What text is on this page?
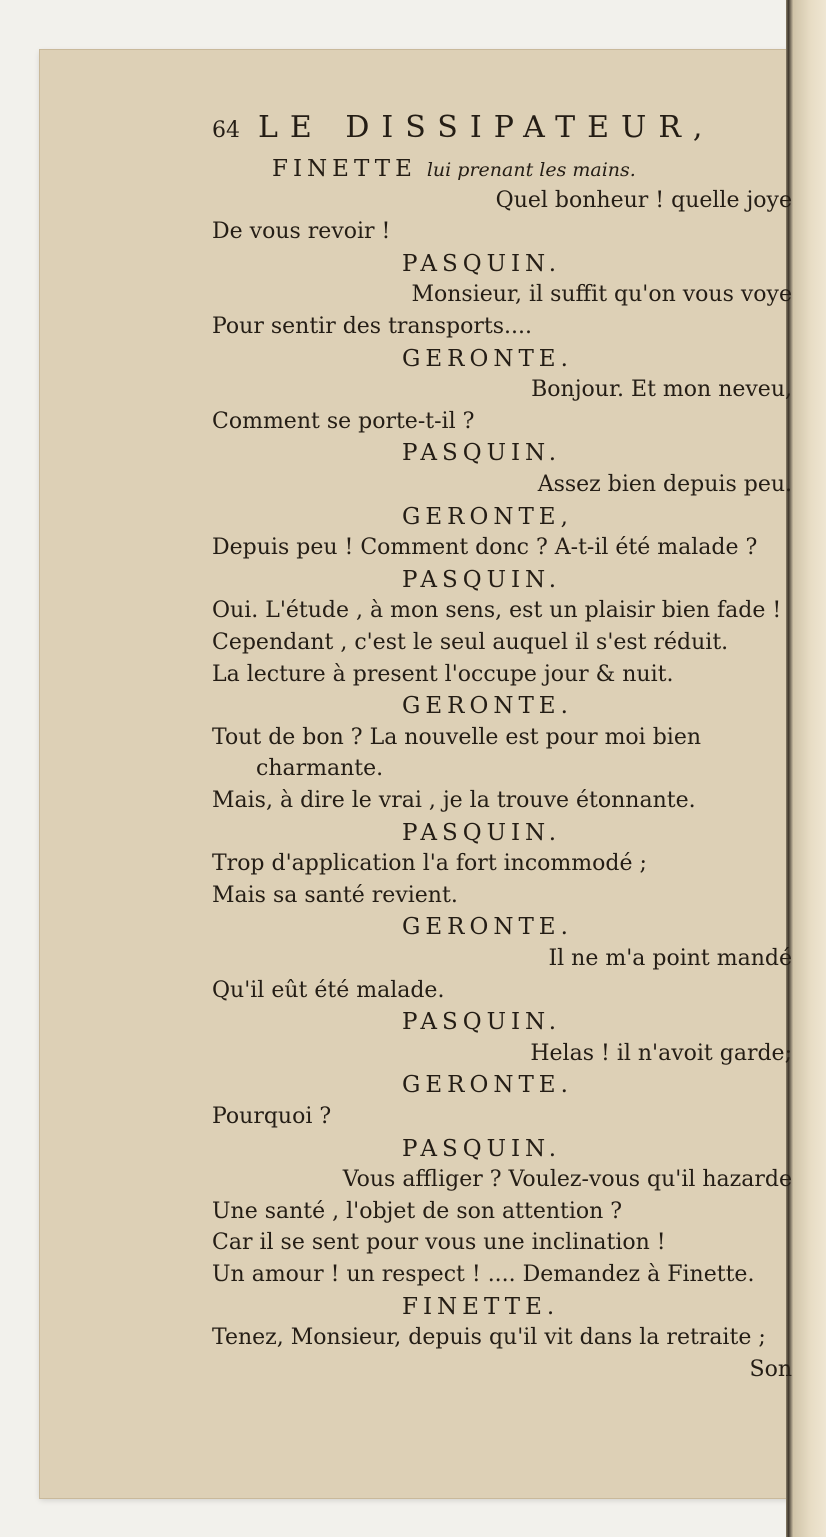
64 LE DISSIPATEUR,
FINETTE lui prenant les mains.
Quel bonheur ! quelle joye
De vous revoir !
PASQUIN.
Monsieur, il suffit qu'on vous voye
Pour sentir des transports....
GERONTE.
Bonjour. Et mon neveu,
Comment se porte-t-il ?
PASQUIN.
Assez bien depuis peu.
GERONTE,
Depuis peu ! Comment donc ? A-t-il été malade ?
PASQUIN.
Oui. L'étude , à mon sens, est un plaisir bien fade !
Cependant , c'est le seul auquel il s'est réduit.
La lecture à present l'occupe jour & nuit.
GERONTE.
Tout de bon ? La nouvelle est pour moi bien
charmante.
Mais, à dire le vrai , je la trouve étonnante.
PASQUIN.
Trop d'application l'a fort incommodé ;
Mais sa santé revient.
GERONTE.
Il ne m'a point mandé
Qu'il eût été malade.
PASQUIN.
Helas ! il n'avoit garde;
GERONTE.
Pourquoi ?
PASQUIN.
Vous affliger ? Voulez-vous qu'il hazarde
Une santé , l'objet de son attention ?
Car il se sent pour vous une inclination !
Un amour ! un respect ! .... Demandez à Finette.
FINETTE.
Tenez, Monsieur, depuis qu'il vit dans la retraite ;
Son
